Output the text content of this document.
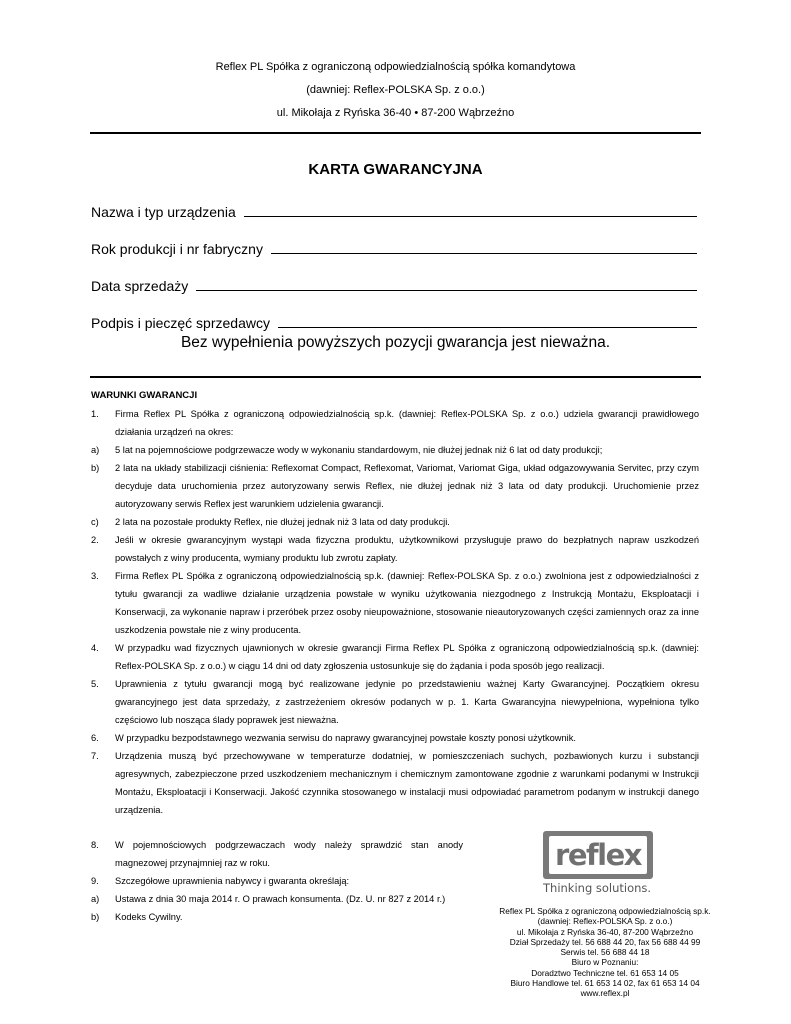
Reflex PL Spółka z ograniczoną odpowiedzialnością spółka komandytowa
(dawniej: Reflex-POLSKA Sp. z o.o.)
ul. Mikołaja z Ryńska 36-40 • 87-200 Wąbrzeźno
KARTA GWARANCYJNA
Nazwa i typ urządzenia
Rok produkcji i nr fabryczny
Data sprzedaży
Podpis i pieczęć sprzedawcy
Bez wypełnienia powyższych pozycji gwarancja jest nieważna.
WARUNKI GWARANCJI
1.	Firma Reflex PL Spółka z ograniczoną odpowiedzialnością sp.k. (dawniej: Reflex-POLSKA Sp. z o.o.) udziela gwarancji prawidłowego działania urządzeń na okres:
a)	5 lat na pojemnościowe podgrzewacze wody w wykonaniu standardowym, nie dłużej jednak niż 6 lat od daty produkcji;
b)	2 lata na układy stabilizacji ciśnienia: Reflexomat Compact, Reflexomat, Variomat, Variomat Giga, układ odgazowywania Servitec, przy czym decyduje data uruchomienia przez autoryzowany serwis Reflex, nie dłużej jednak niż 3 lata od daty produkcji. Uruchomienie przez autoryzowany serwis Reflex jest warunkiem udzielenia gwarancji.
c)	2 lata na pozostałe produkty Reflex, nie dłużej jednak niż 3 lata od daty produkcji.
2.	Jeśli w okresie gwarancyjnym wystąpi wada fizyczna produktu, użytkownikowi przysługuje prawo do bezpłatnych napraw uszkodzeń powstałych z winy producenta, wymiany produktu lub zwrotu zapłaty.
3.	Firma Reflex PL Spółka z ograniczoną odpowiedzialnością sp.k. (dawniej: Reflex-POLSKA Sp. z o.o.) zwolniona jest z odpowiedzialności z tytułu gwarancji za wadliwe działanie urządzenia powstałe w wyniku użytkowania niezgodnego z Instrukcją Montażu, Eksploatacji i Konserwacji, za wykonanie napraw i przeróbek przez osoby nieupoważnione, stosowanie nieautoryzowanych części zamiennych oraz za inne uszkodzenia powstałe nie z winy producenta.
4.	W przypadku wad fizycznych ujawnionych w okresie gwarancji Firma Reflex PL Spółka z ograniczoną odpowiedzialnością sp.k. (dawniej: Reflex-POLSKA Sp. z o.o.) w ciągu 14 dni od daty zgłoszenia ustosunkuje się do żądania i poda sposób jego realizacji.
5.	Uprawnienia z tytułu gwarancji mogą być realizowane jedynie po przedstawieniu ważnej Karty Gwarancyjnej. Początkiem okresu gwarancyjnego jest data sprzedaży, z zastrzeżeniem okresów podanych w p. 1. Karta Gwarancyjna niewypełniona, wypełniona tylko częściowo lub nosząca ślady poprawek jest nieważna.
6.	W przypadku bezpodstawnego wezwania serwisu do naprawy gwarancyjnej powstałe koszty ponosi użytkownik.
7.	Urządzenia muszą być przechowywane w temperaturze dodatniej, w pomieszczeniach suchych, pozbawionych kurzu i substancji agresywnych, zabezpieczone przed uszkodzeniem mechanicznym i chemicznym zamontowane zgodnie z warunkami podanymi w Instrukcji Montażu, Eksploatacji i Konserwacji. Jakość czynnika stosowanego w instalacji musi odpowiadać parametrom podanym w instrukcji danego urządzenia.
8.	W pojemnościowych podgrzewaczach wody należy sprawdzić stan anody magnezowej przynajmniej raz w roku.
9.	Szczegółowe uprawnienia nabywcy i gwaranta określają:
a)	Ustawa z dnia 30 maja 2014 r. O prawach konsumenta. (Dz. U. nr 827 z 2014 r.)
b)	Kodeks Cywilny.
reflex
Thinking solutions.
Reflex PL Spółka z ograniczoną odpowiedzialnością sp.k.
(dawniej: Reflex-POLSKA Sp. z o.o.)
ul. Mikołaja z Ryńska 36-40, 87-200 Wąbrzeźno
Dział Sprzedaży tel. 56 688 44 20, fax 56 688 44 99
Serwis tel. 56 688 44 18
Biuro w Poznaniu:
Doradztwo Techniczne tel. 61 653 14 05
Biuro Handlowe tel. 61 653 14 02, fax 61 653 14 04
www.reflex.pl
